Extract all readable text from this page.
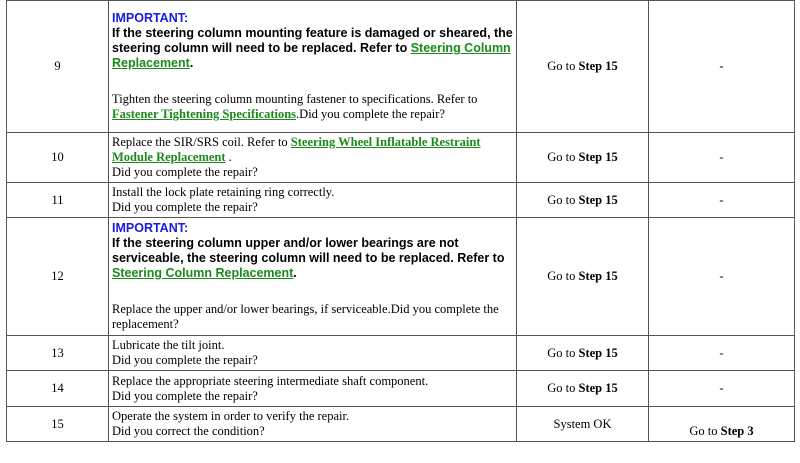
9	IMPORTANT:
If the steering column mounting feature is damaged or sheared, the steering column will need to be replaced. Refer to Steering Column Replacement.
Tighten the steering column mounting fastener to specifications. Refer to Fastener Tightening Specifications.Did you complete the repair?	Go to Step 15	-
10	Replace the SIR/SRS coil. Refer to Steering Wheel Inflatable Restraint Module Replacement .
Did you complete the repair?	Go to Step 15	-
11	Install the lock plate retaining ring correctly.
Did you complete the repair?	Go to Step 15	-
12	IMPORTANT:
If the steering column upper and/or lower bearings are not serviceable, the steering column will need to be replaced. Refer to Steering Column Replacement.
Replace the upper and/or lower bearings, if serviceable.Did you complete the replacement?	Go to Step 15	-
13	Lubricate the tilt joint.
Did you complete the repair?	Go to Step 15	-
14	Replace the appropriate steering intermediate shaft component.
Did you complete the repair?	Go to Step 15	-
15	Operate the system in order to verify the repair.
Did you correct the condition?	System OK	Go to Step 3
